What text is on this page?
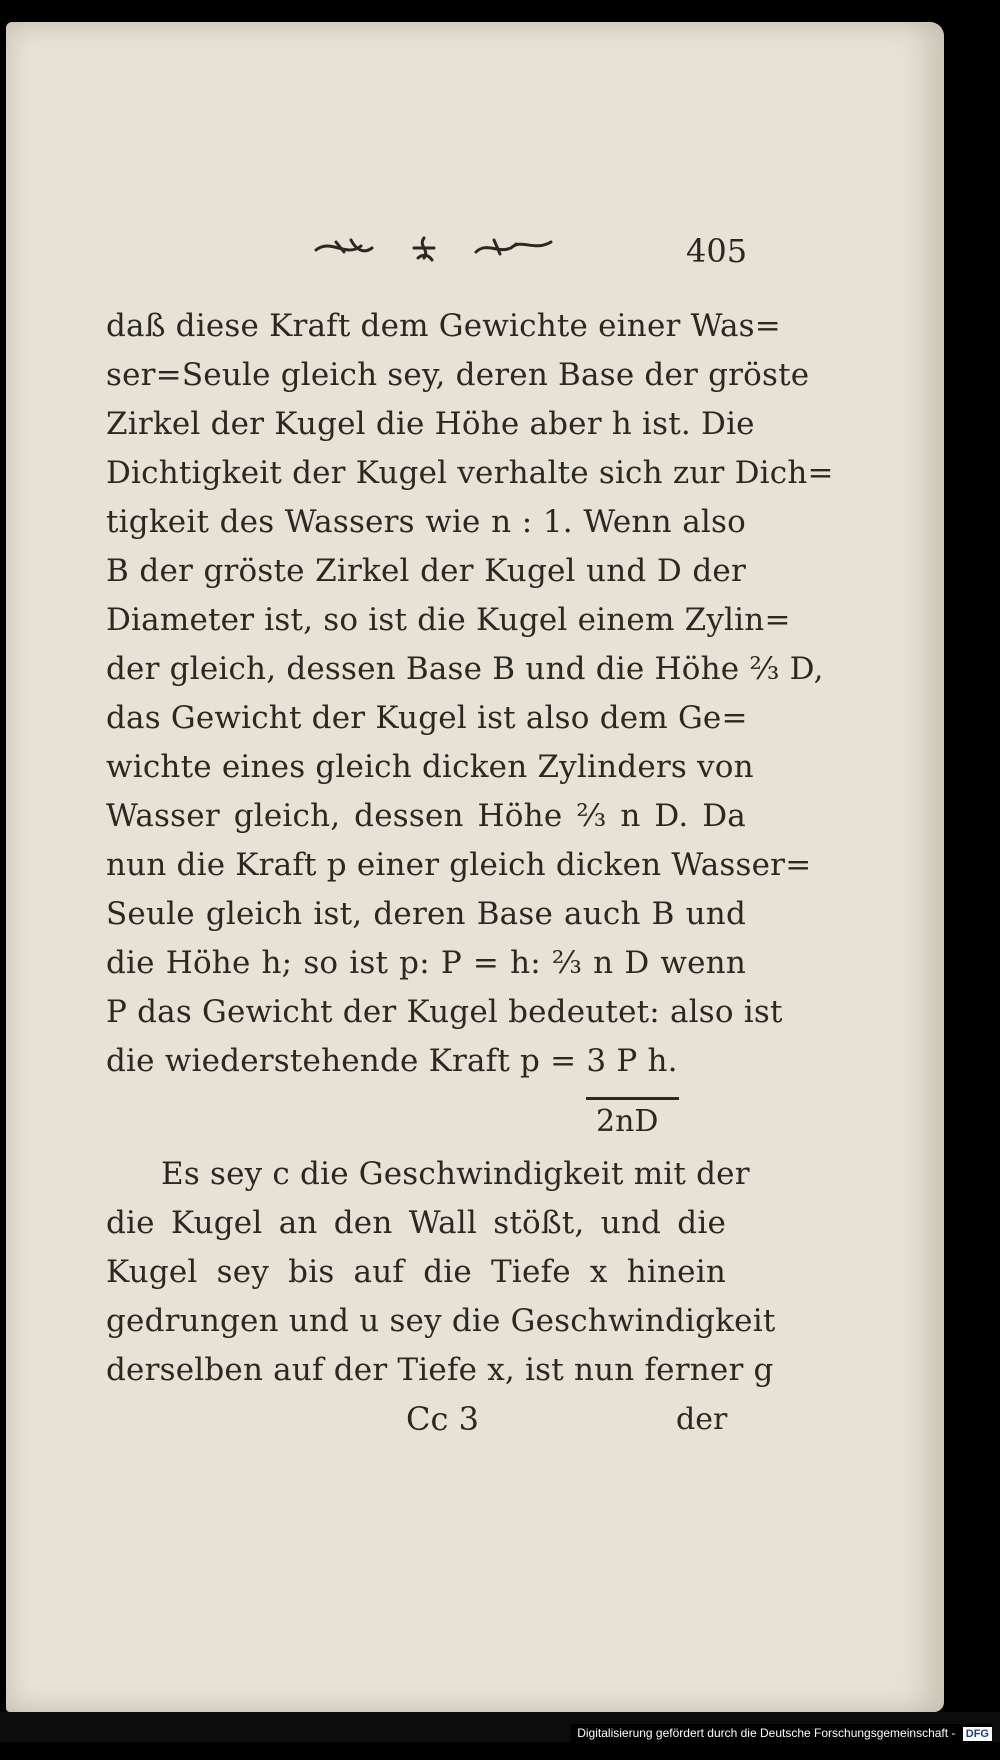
405
daß diese Kraft dem Gewichte einer Was=
ser=Seule gleich sey, deren Base der gröste
Zirkel der Kugel die Höhe aber h ist. Die
Dichtigkeit der Kugel verhalte sich zur Dich=
tigkeit des Wassers wie n : 1. Wenn also
B der gröste Zirkel der Kugel und D der
Diameter ist, so ist die Kugel einem Zylin=
der gleich, dessen Base B und die Höhe ⅔ D,
das Gewicht der Kugel ist also dem Ge=
wichte eines gleich dicken Zylinders von
Wasser gleich, dessen Höhe ⅔ n D. Da
nun die Kraft p einer gleich dicken Wasser=
Seule gleich ist, deren Base auch B und
die Höhe h; so ist p: P = h: ⅔ n D wenn
P das Gewicht der Kugel bedeutet: also ist
die wiederstehende Kraft p = 3 P h.
2nD
Es sey c die Geschwindigkeit mit der
die Kugel an den Wall stößt, und die
Kugel sey bis auf die Tiefe x hinein
gedrungen und u sey die Geschwindigkeit
derselben auf der Tiefe x, ist nun ferner g
Cc 3	der
Digitalisierung gefördert durch die Deutsche Forschungsgemeinschaft - DFG
